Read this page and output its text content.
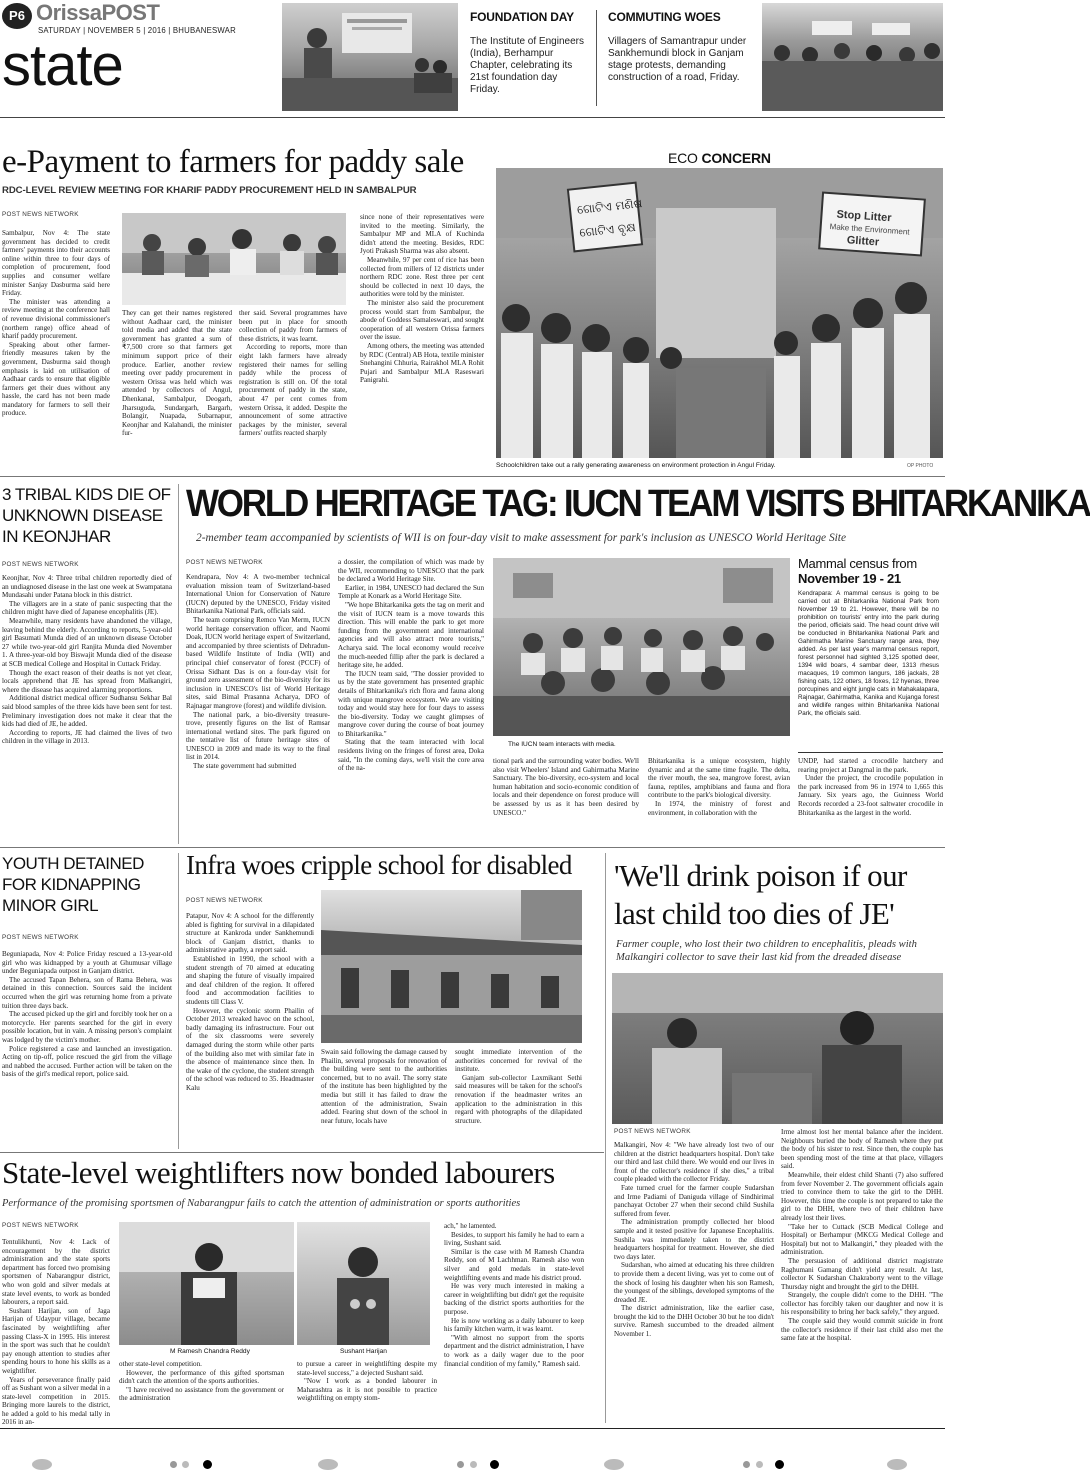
P6 OrissaPOST
SATURDAY | NOVEMBER 5 | 2016 | BHUBANESWAR
state
FOUNDATION DAY
The Institute of Engineers (India), Berhampur Chapter, celebrating its 21st foundation day Friday.
COMMUTING WOES
Villagers of Samantrapur under Sankhemundi block in Ganjam stage protests, demanding construction of a road, Friday.
e-Payment to farmers for paddy sale
RDC-LEVEL REVIEW MEETING FOR KHARIF PADDY PROCUREMENT HELD IN SAMBALPUR
POST NEWS NETWORK

Sambalpur, Nov 4: The state government has decided to credit farmers' payments into their accounts online within three to four days of completion of procurement, food supplies and consumer welfare minister Sanjay Dasburma said here Friday.

The minister was attending a review meeting at the conference hall of revenue divisional commissioner's (northern range) office ahead of kharif paddy procurement.

Speaking about other farmer-friendly measures taken by the government, Dasburma said though emphasis is laid on utilisation of Aadhaar cards to ensure that eligible farmers get their dues without any hassle, the card has not been made mandatory for farmers to sell their produce.

They can get their names registered without Aadhaar card, the minister told media and added that the state government has granted a sum of ₹7,500 crore so that farmers get minimum support price of their produce. Earlier, another review meeting over paddy procurement in western Orissa was held which was attended by collectors of Angul, Dhenkanal, Sambalpur, Deogarh, Jharsuguda, Sundargarh, Bargarh, Bolangir, Nuapada, Subarnapur, Keonjhar and Kalahandi, the minister fur-

ther said. Several programmes have been put in place for smooth collection of paddy from farmers of these districts, it was learnt.

According to reports, more than eight lakh farmers have already registered their names for selling paddy while the process of registration is still on. Of the total procurement of paddy in the state, about 47 per cent comes from western Orissa, it added. Despite the announcement of some attractive packages by the minister, several farmers' outfits reacted sharply

since none of their representatives were invited to the meeting. Similarly, the Sambalpur MP and MLA of Kuchinda didn't attend the meeting. Besides, RDC Jyoti Prakash Sharma was also absent.

Meanwhile, 97 per cent of rice has been collected from millers of 12 districts under northern RDC zone. Rest three per cent should be collected in next 10 days, the authorities were told by the minister.

The minister also said the procurement process would start from Sambalpur, the abode of Goddess Samaleswari, and sought cooperation of all western Orissa farmers over the issue.

Among others, the meeting was attended by RDC (Central) AB Hota, textile minister Snehangini Chhuria, Rairakhol MLA Rohit Pujari and Sambalpur MLA Raseswari Panigrahi.

ECO CONCERN
ଗୋଟିଏ ମଣିଷ
ଗୋଟିଏ ବୃକ୍ଷ
Stop Litter
Make the Environment
Glitter
Schoolchildren take out a rally generating awareness on environment protection in Angul Friday.	OP PHOTO
3 TRIBAL KIDS DIE OF UNKNOWN DISEASE IN KEONJHAR
POST NEWS NETWORK

Keonjhar, Nov 4: Three tribal children reportedly died of an undiagnosed disease in the last one week at Swampatana Mundasahi under Patana block in this district.

The villagers are in a state of panic suspecting that the children might have died of Japanese encephalitis (JE).

Meanwhile, many residents have abandoned the village, leaving behind the elderly. According to reports, 5-year-old girl Basumati Munda died of an unknown disease October 27 while two-year-old girl Ranjita Munda died November 1. A three-year-old boy Biswajit Munda died of the disease at SCB medical College and Hospital in Cuttack Friday.

Though the exact reason of their deaths is not yet clear, locals apprehend that JE has spread from Malkangiri, where the disease has acquired alarming proportions.

Additional district medical officer Sudhansu Sekhar Bal said blood samples of the three kids have been sent for test. Preliminary investigation does not make it clear that the kids had died of JE, he added.

According to reports, JE had claimed the lives of two children in the village in 2013.

WORLD HERITAGE TAG: IUCN TEAM VISITS BHITARKANIKA
2-member team accompanied by scientists of WII is on four-day visit to make assessment for park's inclusion as UNESCO World Heritage Site
POST NEWS NETWORK

Kendrapara, Nov 4: A two-member technical evaluation mission team of Switzerland-based International Union for Conservation of Nature (IUCN) deputed by the UNESCO, Friday visited Bhitarkanika National Park, officials said.

The team comprising Remco Van Merm, IUCN world heritage conservation officer, and Naomi Doak, IUCN world heritage expert of Switzerland, and accompanied by three scientists of Dehradun-based Wildlife Institute of India (WII) and principal chief conservator of forest (PCCF) of Orissa Sidhant Das is on a four-day visit for ground zero assessment of the bio-diversity for its inclusion in UNESCO's list of World Heritage sites, said Bimal Prasanna Acharya, DFO of Rajnagar mangrove (forest) and wildlife division.

The national park, a bio-diversity treasure-trove, presently figures on the list of Ramsar international wetland sites. The park figured on the tentative list of future heritage sites of UNESCO in 2009 and made its way to the final list in 2014.

The state government had submitted

a dossier, the compilation of which was made by the WII, recommending to UNESCO that the park be declared a World Heritage Site.

Earlier, in 1984, UNESCO had declared the Sun Temple at Konark as a World Heritage Site.

"We hope Bhitarkanika gets the tag on merit and the visit of IUCN team is a move towards this direction. This will enable the park to get more funding from the government and international agencies and will also attract more tourists," Acharya said. The local economy would receive the much-needed fillip after the park is declared a heritage site, he added.

The IUCN team said, "The dossier provided to us by the state government has presented graphic details of Bhitarkanika's rich flora and fauna along with unique mangrove ecosystem. We are visiting today and would stay here for four days to assess the bio-diversity. Today we caught glimpses of mangrove cover during the course of boat journey to Bhitarkanika."

Stating that the team interacted with local residents living on the fringes of forest area, Doka said, "In the coming days, we'll visit the core area of the na-

The IUCN team interacts with media.

tional park and the surrounding water bodies. We'll also visit Wheelers' Island and Gahirmatha Marine Sanctuary. The bio-diversity, eco-system and local human habitation and socio-economic condition of locals and their dependence on forest produce will be assessed by us as it has been desired by UNESCO."

Bhitarkanika is a unique ecosystem, highly dynamic and at the same time fragile. The delta, the river mouth, the sea, mangrove forest, avian fauna, reptiles, amphibians and fauna and flora contribute to the park's biological diversity.

In 1974, the ministry of forest and environment, in collaboration with the

Mammal census from
November 19 - 21

Kendrapara: A mammal census is going to be carried out at Bhitarkanika National Park from November 19 to 21. However, there will be no prohibition on tourists' entry into the park during the period, officials said. The head count drive will be conducted in Bhitarkanika National Park and Gahirmatha Marine Sanctuary range area, they added. As per last year's mammal census report, forest personnel had sighted 3,125 spotted deer, 1394 wild boars, 4 sambar deer, 1313 rhesus macaques, 19 common langurs, 186 jackals, 28 fishing cats, 122 otters, 18 foxes, 12 hyenas, three porcupines and eight jungle cats in Mahakalapara, Rajnagar, Gahirmatha, Kanika and Kujanga forest and wildlife ranges within Bhitarkanika National Park, the officials said.

UNDP, had started a crocodile hatchery and rearing project at Dangmal in the park.

Under the project, the crocodile population in the park increased from 96 in 1974 to 1,665 this January. Six years ago, the Guinness World Records recorded a 23-foot saltwater crocodile in Bhitarkanika as the largest in the world.

YOUTH DETAINED FOR KIDNAPPING MINOR GIRL
POST NEWS NETWORK

Beguniapada, Nov 4: Police Friday rescued a 13-year-old girl who was kidnapped by a youth at Ghumusar village under Beguniapada outpost in Ganjam district.

The accused Tapan Behera, son of Rama Behera, was detained in this connection. Sources said the incident occurred when the girl was returning home from a private tuition three days back.

The accused picked up the girl and forcibly took her on a motorcycle. Her parents searched for the girl in every possible location, but in vain. A missing person's complaint was lodged by the victim's mother.

Police registered a case and launched an investigation. Acting on tip-off, police rescued the girl from the village and nabbed the accused. Further action will be taken on the basis of the girl's medical report, police said.

Infra woes cripple school for disabled
POST NEWS NETWORK

Patapur, Nov 4: A school for the differently abled is fighting for survival in a dilapidated structure at Kankroda under Sankhemundi block of Ganjam district, thanks to administrative apathy, a report said.

Established in 1990, the school with a student strength of 70 aimed at educating and shaping the future of visually impaired and deaf children of the region. It offered food and accommodation facilities to students till Class V.

However, the cyclonic storm Phailin of October 2013 wreaked havoc on the school, badly damaging its infrastructure. Four out of the six classrooms were severely damaged during the storm while other parts of the building also met with similar fate in the absence of maintenance since then. In the wake of the cyclone, the student strength of the school was reduced to 35. Headmaster Kalu

Swain said following the damage caused by Phailin, several proposals for renovation of the building were sent to the authorities concerned, but to no avail. The sorry state of the institute has been highlighted by the media but still it has failed to draw the attention of the administration, Swain added. Fearing shut down of the school in near future, locals have

sought immediate intervention of the authorities concerned for revival of the institute.

Ganjam sub-collector Laxmikant Sethi said measures will be taken for the school's renovation if the headmaster writes an application to the administration in this regard with photographs of the dilapidated structure.

'We'll drink poison if our last child too dies of JE'
Farmer couple, who lost their two children to encephalitis, pleads with Malkangiri collector to save their last kid from the dreaded disease
POST NEWS NETWORK

Malkangiri, Nov 4: "We have already lost two of our children at the district headquarters hospital. Don't take our third and last child there. We would end our lives in front of the collector's residence if she dies," a tribal couple pleaded with the collector Friday.

Fate turned cruel for the farmer couple Sudarshan and Irme Padiami of Daniguda village of Sindhirimal panchayat October 27 when their second child Sushila suffered from fever.

The administration promptly collected her blood sample and it tested positive for Japanese Encephalitis. Sushila was immediately taken to the district headquarters hospital for treatment. However, she died two days later.

Sudarshan, who aimed at educating his three children to provide them a decent living, was yet to come out of the shock of losing his daughter when his son Ramesh, the youngest of the siblings, developed symptoms of the dreaded JE.

The district administration, like the earlier case, brought the kid to the DHH October 30 but he too didn't survive. Ramesh succumbed to the dreaded ailment November 1.

Irme almost lost her mental balance after the incident. Neighbours buried the body of Ramesh where they put the body of his sister to rest. Since then, the couple has been spending most of the time at that place, villagers said.

Meanwhile, their eldest child Shanti (7) also suffered from fever November 2. The government officials again tried to convince them to take the girl to the DHH. However, this time the couple is not prepared to take the girl to the DHH, where two of their children have already lost their lives.

"Take her to Cuttack (SCB Medical College and Hospital) or Berhampur (MKCG Medical College and Hospital) but not to Malkangiri," they pleaded with the administration.

The persuasion of additional district magistrate Raghumani Gamang didn't yield any result. At last, collector K Sudarshan Chakraborty went to the village Thursday night and brought the girl to the DHH.

Strangely, the couple didn't come to the DHH. "The collector has forcibly taken our daughter and now it is his responsibility to bring her back safely," they argued.

The couple said they would commit suicide in front the collector's residence if their last child also met the same fate at the hospital.

State-level weightlifters now bonded labourers
Performance of the promising sportsmen of Nabarangpur fails to catch the attention of administration or sports authorities
POST NEWS NETWORK

Tentulikhunti, Nov 4: Lack of encouragement by the district administration and the state sports department has forced two promising sportsmen of Nabarangpur district, who won gold and silver medals at state level events, to work as bonded labourers, a report said.

Sushant Harijan, son of Jaga Harijan of Udaypur village, became fascinated by weightlifting after passing Class-X in 1995. His interest in the sport was such that he couldn't pay enough attention to studies after spending hours to hone his skills as a weightlifter.

Years of perseverance finally paid off as Sushant won a silver medal in a state-level competition in 2015. Bringing more laurels to the district, he added a gold to his medal tally in 2016 in an-

M Ramesh Chandra Reddy	Sushant Harijan

other state-level competition.

However, the performance of this gifted sportsman didn't catch the attention of the sports authorities.

"I have received no assistance from the government or the administration

to pursue a career in weightlifting despite my state-level success," a dejected Sushant said.

"Now I work as a bonded labourer in Maharashtra as it is not possible to practice weightlifting on empty stom-

ach," he lamented.

Besides, to support his family he had to earn a living, Sushant said.

Similar is the case with M Ramesh Chandra Reddy, son of M Lachhman. Ramesh also won silver and gold medals in state-level weightlifting events and made his district proud.

He was very much interested in making a career in weightlifting but didn't get the requisite backing of the district sports authorities for the purpose.

He is now working as a daily labourer to keep his family kitchen warm, it was learnt.

"With almost no support from the sports department and the district administration, I have to work as a daily wager due to the poor financial condition of my family," Ramesh said.
